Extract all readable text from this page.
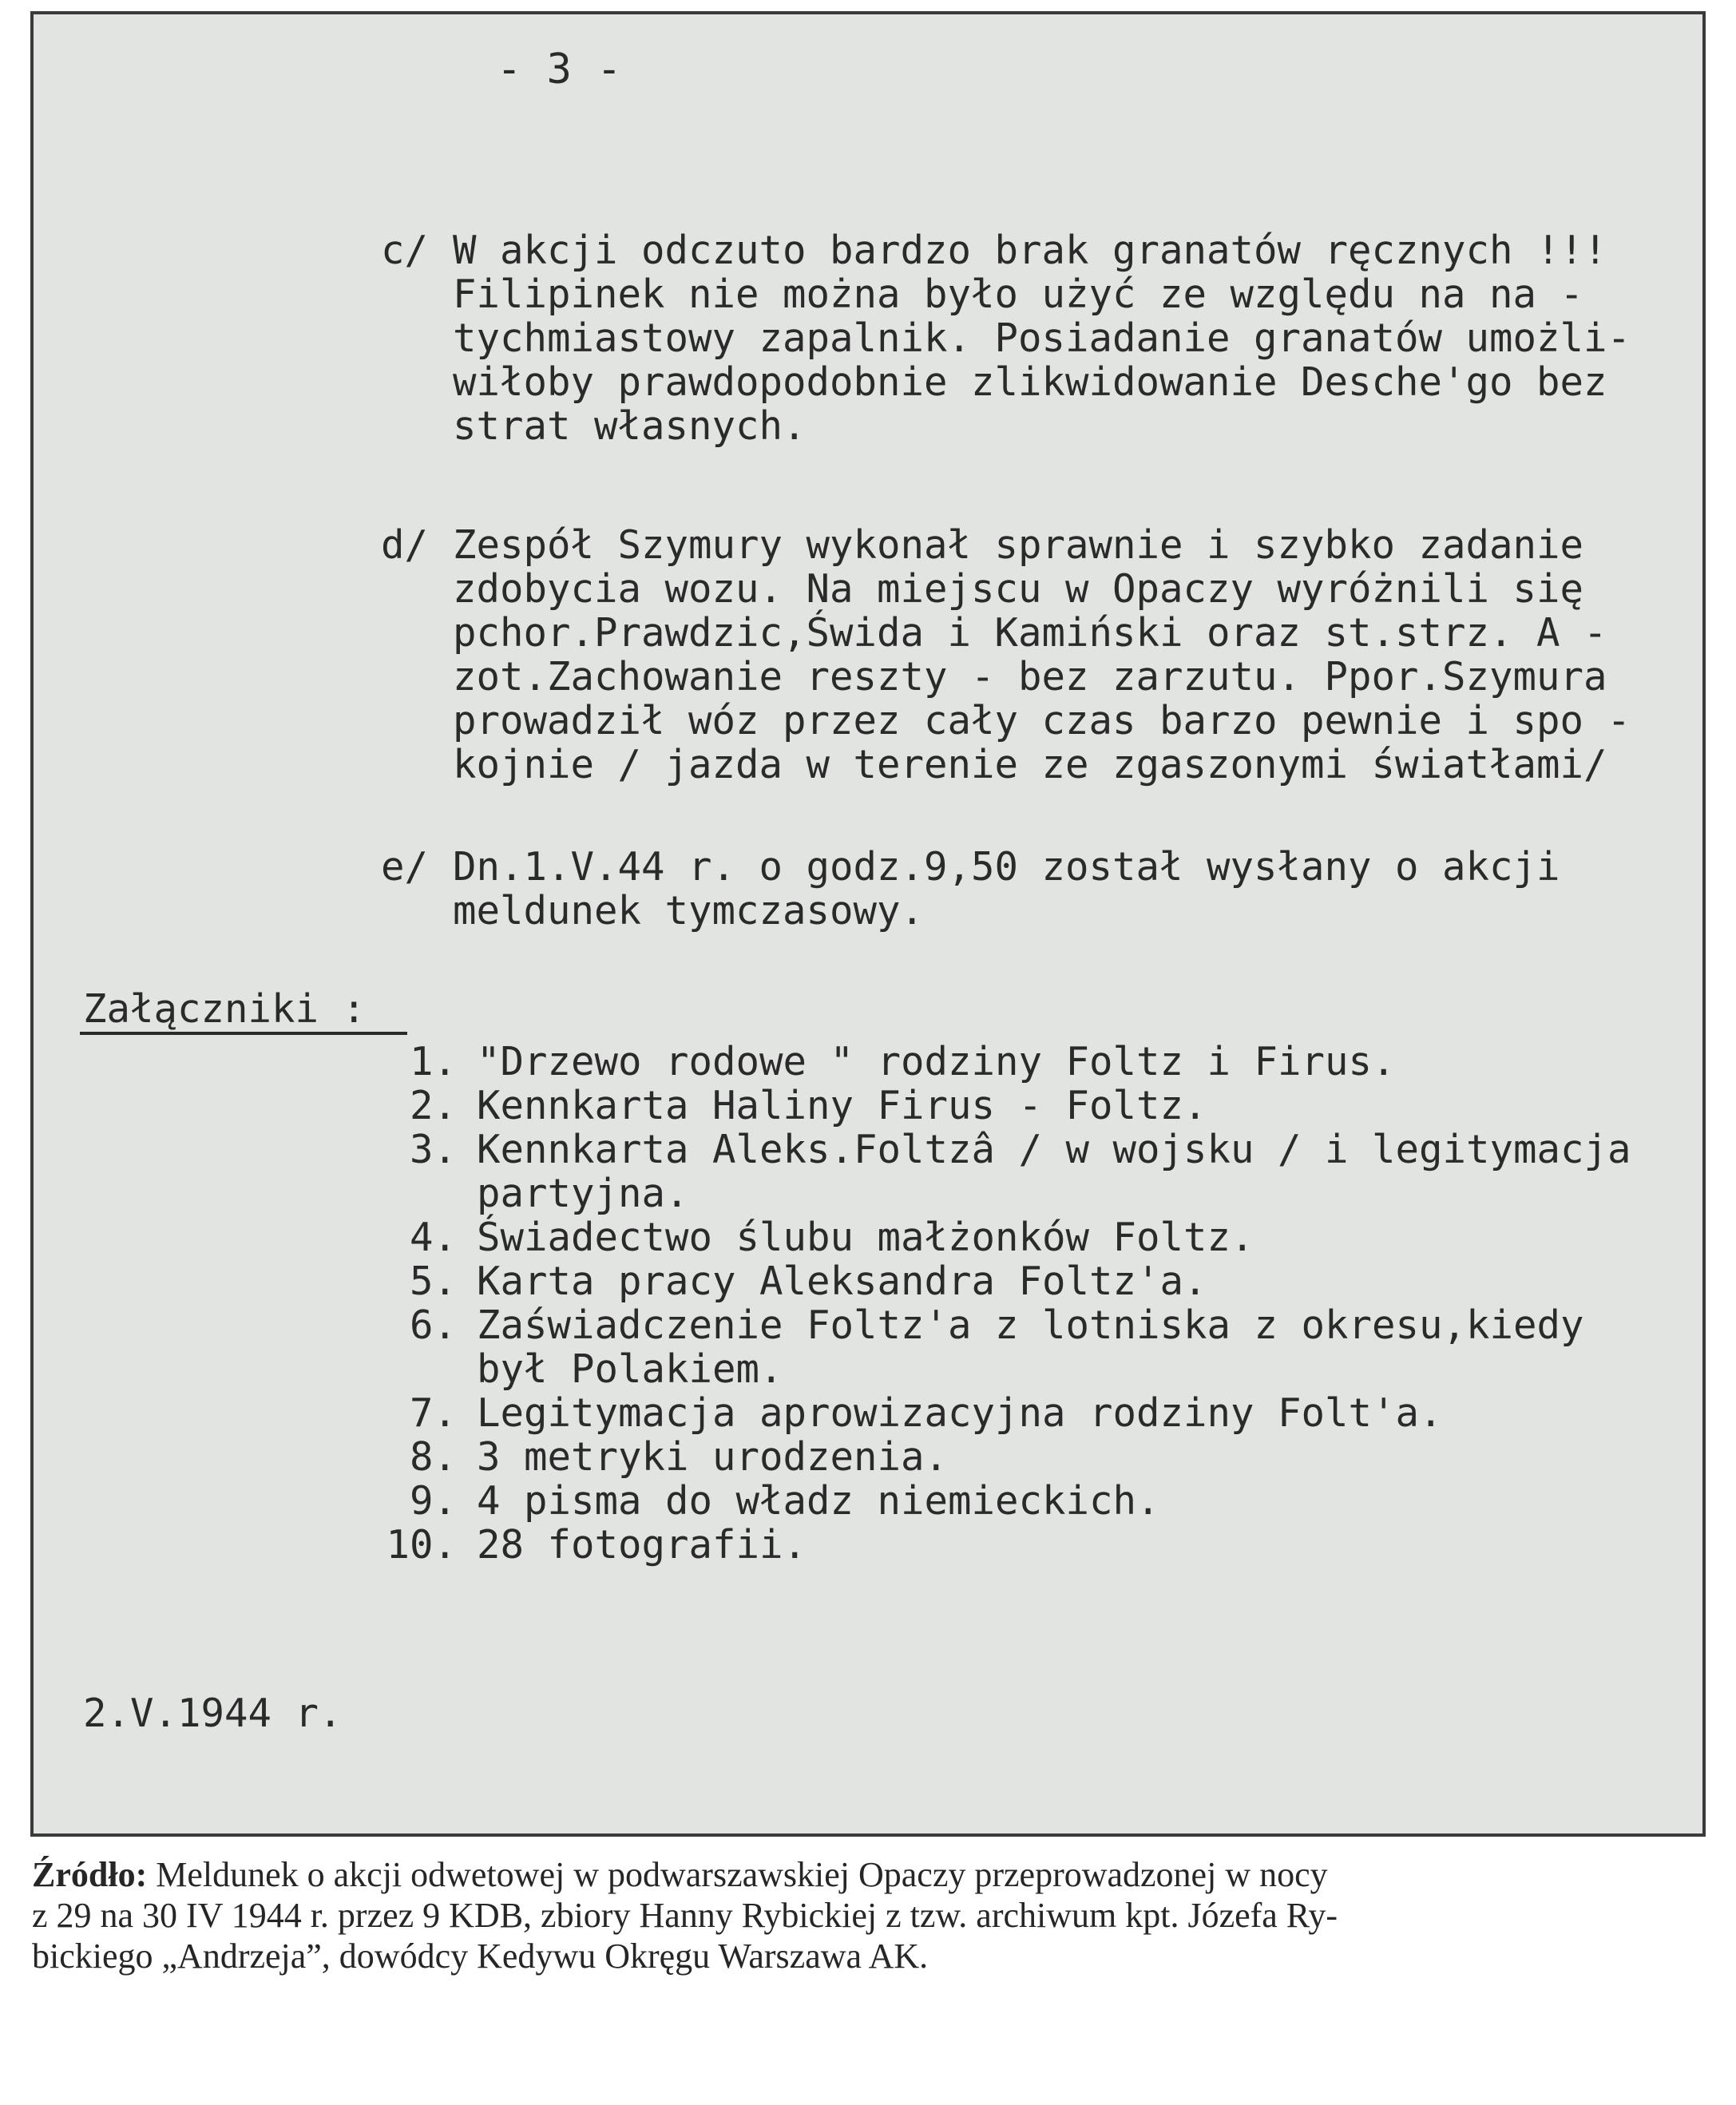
- 3 -
c/ W akcji odczuto bardzo brak granatów ręcznych !!!
Filipinek nie można było użyć ze względu na na -
tychmiastowy zapalnik. Posiadanie granatów umożli-
wiłoby prawdopodobnie zlikwidowanie Desche'go bez
strat własnych.
d/ Zespół Szymury wykonał sprawnie i szybko zadanie
zdobycia wozu. Na miejscu w Opaczy wyróżnili się
pchor.Prawdzic,Świda i Kamiński oraz st.strz. A -
zot.Zachowanie reszty - bez zarzutu. Ppor.Szymura
prowadził wóz przez cały czas barzo pewnie i spo -
kojnie / jazda w terenie ze zgaszonymi światłami/
e/ Dn.1.V.44 r. o godz.9,50 został wysłany o akcji
meldunek tymczasowy.
Załączniki :
1. "Drzewo rodowe " rodziny Foltz i Firus.
2. Kennkarta Haliny Firus - Foltz.
3. Kennkarta Aleks.Foltzâ / w wojsku / i legitymacja
partyjna.
4. Świadectwo ślubu małżonków Foltz.
5. Karta pracy Aleksandra Foltz'a.
6. Zaświadczenie Foltz'a z lotniska z okresu,kiedy
był Polakiem.
7. Legitymacja aprowizacyjna rodziny Folt'a.
8. 3 metryki urodzenia.
9. 4 pisma do władz niemieckich.
10. 28 fotografii.
2.V.1944 r.
Źródło: Meldunek o akcji odwetowej w podwarszawskiej Opaczy przeprowadzonej w nocy
z 29 na 30 IV 1944 r. przez 9 KDB, zbiory Hanny Rybickiej z tzw. archiwum kpt. Józefa Ry-
bickiego „Andrzeja”, dowódcy Kedywu Okręgu Warszawa AK.
